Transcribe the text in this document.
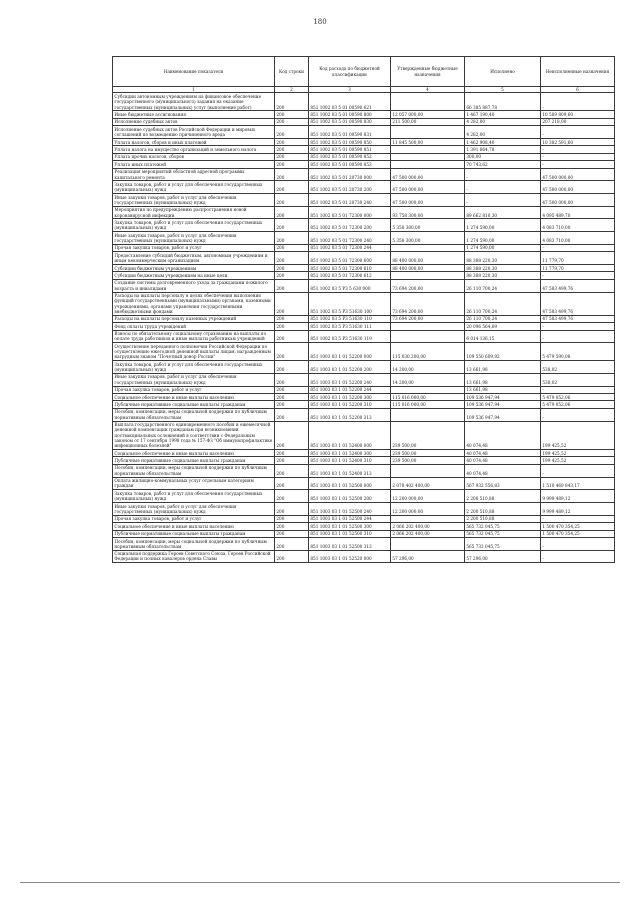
180
Наименование показателя	Код строки	Код расхода по бюджетной классификации	Утвержденные бюджетные назначения	Исполнено	Неисполненные назначения
1	2	3	4	5	6
Субсидии автономным учреждениям на финансовое обеспечение государственного (муниципального) задания на оказание государственных (муниципальных) услуг (выполнение работ)	200	851 1002 03 5 01 00590 621		66 385 887,78	-
Иные бюджетные ассигнования	200	851 1002 03 5 01 00590 800	12 057 000,00	1 467 190,40	10 589 809,60
Исполнение судебных актов	200	851 1002 03 5 01 00590 830	211 500,00	4 282,00	207 218,00
Исполнение судебных актов Российской Федерации и мировых соглашений по возмещению причиненного вреда	200	851 1002 03 5 01 00590 831		4 282,00	-
Уплата налогов, сборов и иных платежей	200	851 1002 03 5 01 00590 850	11 845 500,00	1 462 908,40	10 382 591,60
Уплата налога на имущество организаций и земельного налога	200	851 1002 03 5 01 00590 851		1 391 864,78	-
Уплата прочих налогов, сборов	200	851 1002 03 5 01 00590 852		300,00	-
Уплата иных платежей	200	851 1002 03 5 01 00590 853		70 743,62	-
Реализация мероприятий областной адресной программы капитального ремонта	200	851 1002 03 5 01 20730 000	47 500 000,00	-	47 500 000,00
Закупка товаров, работ и услуг для обеспечения государственных (муниципальных) нужд	200	851 1002 03 5 01 20730 200	47 500 000,00	-	47 500 000,00
Иные закупки товаров, работ и услуг для обеспечения государственных (муниципальных) нужд	200	851 1002 03 5 01 20730 240	47 500 000,00	-	47 500 000,00
Мероприятия по предупреждению распространения новой коронавирусной инфекции	200	851 1002 03 5 01 72300 000	93 758 300,00	89 662 810,30	4 095 489,70
Закупка товаров, работ и услуг для обеспечения государственных (муниципальных) нужд	200	851 1002 03 5 01 72300 200	5 358 300,00	1 274 590,00	4 083 710,00
Иные закупки товаров, работ и услуг для обеспечения государственных (муниципальных) нужд	200	851 1002 03 5 01 72300 240	5 358 300,00	1 274 590,00	4 083 710,00
Прочая закупка товаров, работ и услуг	200	851 1002 03 5 01 72300 244		1 274 590,00	-
Предоставление субсидий бюджетным, автономным учреждениям и иным некоммерческим организациям	200	851 1002 03 5 01 72300 600	88 400 000,00	88 388 220,30	11 779,70
Субсидии бюджетным учреждениям	200	851 1002 03 5 01 72300 610	88 400 000,00	88 388 220,30	11 779,70
Субсидии бюджетным учреждениям на иные цели	200	851 1002 03 5 01 72300 612		88 388 220,30	-
Создание системы долговременного ухода за гражданами пожилого возраста и инвалидами	200	851 1002 03 5 P3 5 630 000	73 694 200,00	26 110 700,24	47 583 499,76
Расходы на выплаты персоналу в целях обеспечения выполнения функций государственными (муниципальными) органами, казенными учреждениями, органами управления государственными внебюджетными фондами	200	851 1002 03 5 P3 51630 100	73 694 200,00	26 110 700,24	47 583 499,76
Расходы на выплаты персоналу казенных учреждений	200	851 1002 03 5 P3 51630 110	73 694 200,00	26 110 700,24	47 583 499,76
Фонд оплаты труда учреждений	200	851 1002 03 5 P3 51630 111		20 096 564,09	-
Взносы по обязательному социальному страхованию на выплаты по оплате труда работников и иные выплаты работникам учреждений	200	851 1002 03 5 P3 51630 119		6 014 136,15	-
Осуществление переданного полномочия Российской Федерации по осуществлению ежегодной денежной выплаты лицам, награжденным нагрудным знаком "Почетный донор России"	200	851 1003 03 1 01 52200 000	115 030 200,00	109 550 609,92	5 479 590,08
Закупка товаров, работ и услуг для обеспечения государственных (муниципальных) нужд	200	851 1003 03 1 01 52200 200	14 200,00	13 661,98	538,02
Иные закупки товаров, работ и услуг для обеспечения государственных (муниципальных) нужд	200	851 1003 03 1 01 52200 240	14 200,00	13 661,98	538,02
Прочая закупка товаров, работ и услуг	200	851 1003 03 1 01 52200 244		13 661,98	-
Социальное обеспечение и иные выплаты населению	200	851 1003 03 1 01 52200 300	115 016 000,00	109 536 947,94	5 479 052,06
Публичные нормативные социальные выплаты гражданам	200	851 1003 03 1 01 52200 310	115 016 000,00	109 536 947,94	5 479 052,06
Пособия, компенсации, меры социальной поддержки по публичным нормативным обязательствам	200	851 1003 03 1 01 52200 313		109 536 947,94	-
Выплата государственного единовременного пособия и ежемесячной денежной компенсации гражданам при возникновении поствакцинальных осложнений в соответствии с Федеральным законом от 17 сентября 1998 года № 157-ФЗ "Об иммунопрофилактике инфекционных болезней"	200	851 1003 03 1 01 52400 000	239 500,00	40 074,48	199 425,52
Социальное обеспечение и иные выплаты населению	200	851 1003 03 1 01 52400 300	239 500,00	40 074,48	199 425,52
Публичные нормативные социальные выплаты гражданам	200	851 1003 03 1 01 52400 310	239 500,00	40 074,48	199 425,52
Пособия, компенсации, меры социальной поддержки по публичным нормативным обязательствам	200	851 1003 03 1 01 52400 313		40 074,48	-
Оплата жилищно-коммунальных услуг отдельным категориям граждан	200	851 1003 03 1 01 52500 000	2 078 402 400,00	567 932 556,83	1 510 469 843,17
Закупка товаров, работ и услуг для обеспечения государственных (муниципальных) нужд	200	851 1003 03 1 01 52500 200	12 200 000,00	2 200 510,88	9 999 489,12
Иные закупки товаров, работ и услуг для обеспечения государственных (муниципальных) нужд	200	851 1003 03 1 01 52500 240	12 200 000,00	2 200 510,88	9 999 489,12
Прочая закупка товаров, работ и услуг	200	851 1003 03 1 01 52500 244		2 200 510,88	-
Социальное обеспечение и иные выплаты населению	200	851 1003 03 1 01 52500 300	2 066 202 400,00	565 732 045,75	1 500 470 354,25
Публичные нормативные социальные выплаты гражданам	200	851 1003 03 1 01 52500 310	2 066 202 400,00	565 732 045,75	1 500 470 354,25
Пособия, компенсации, меры социальной поддержки по публичным нормативным обязательствам	200	851 1003 03 1 01 52500 313		565 732 045,75	-
Социальная поддержка Героев Советского Союза, Героев Российской Федерации и полных кавалеров ордена Славы	200	851 1003 03 1 01 52520 000	57 296,00	57 296,00	-
